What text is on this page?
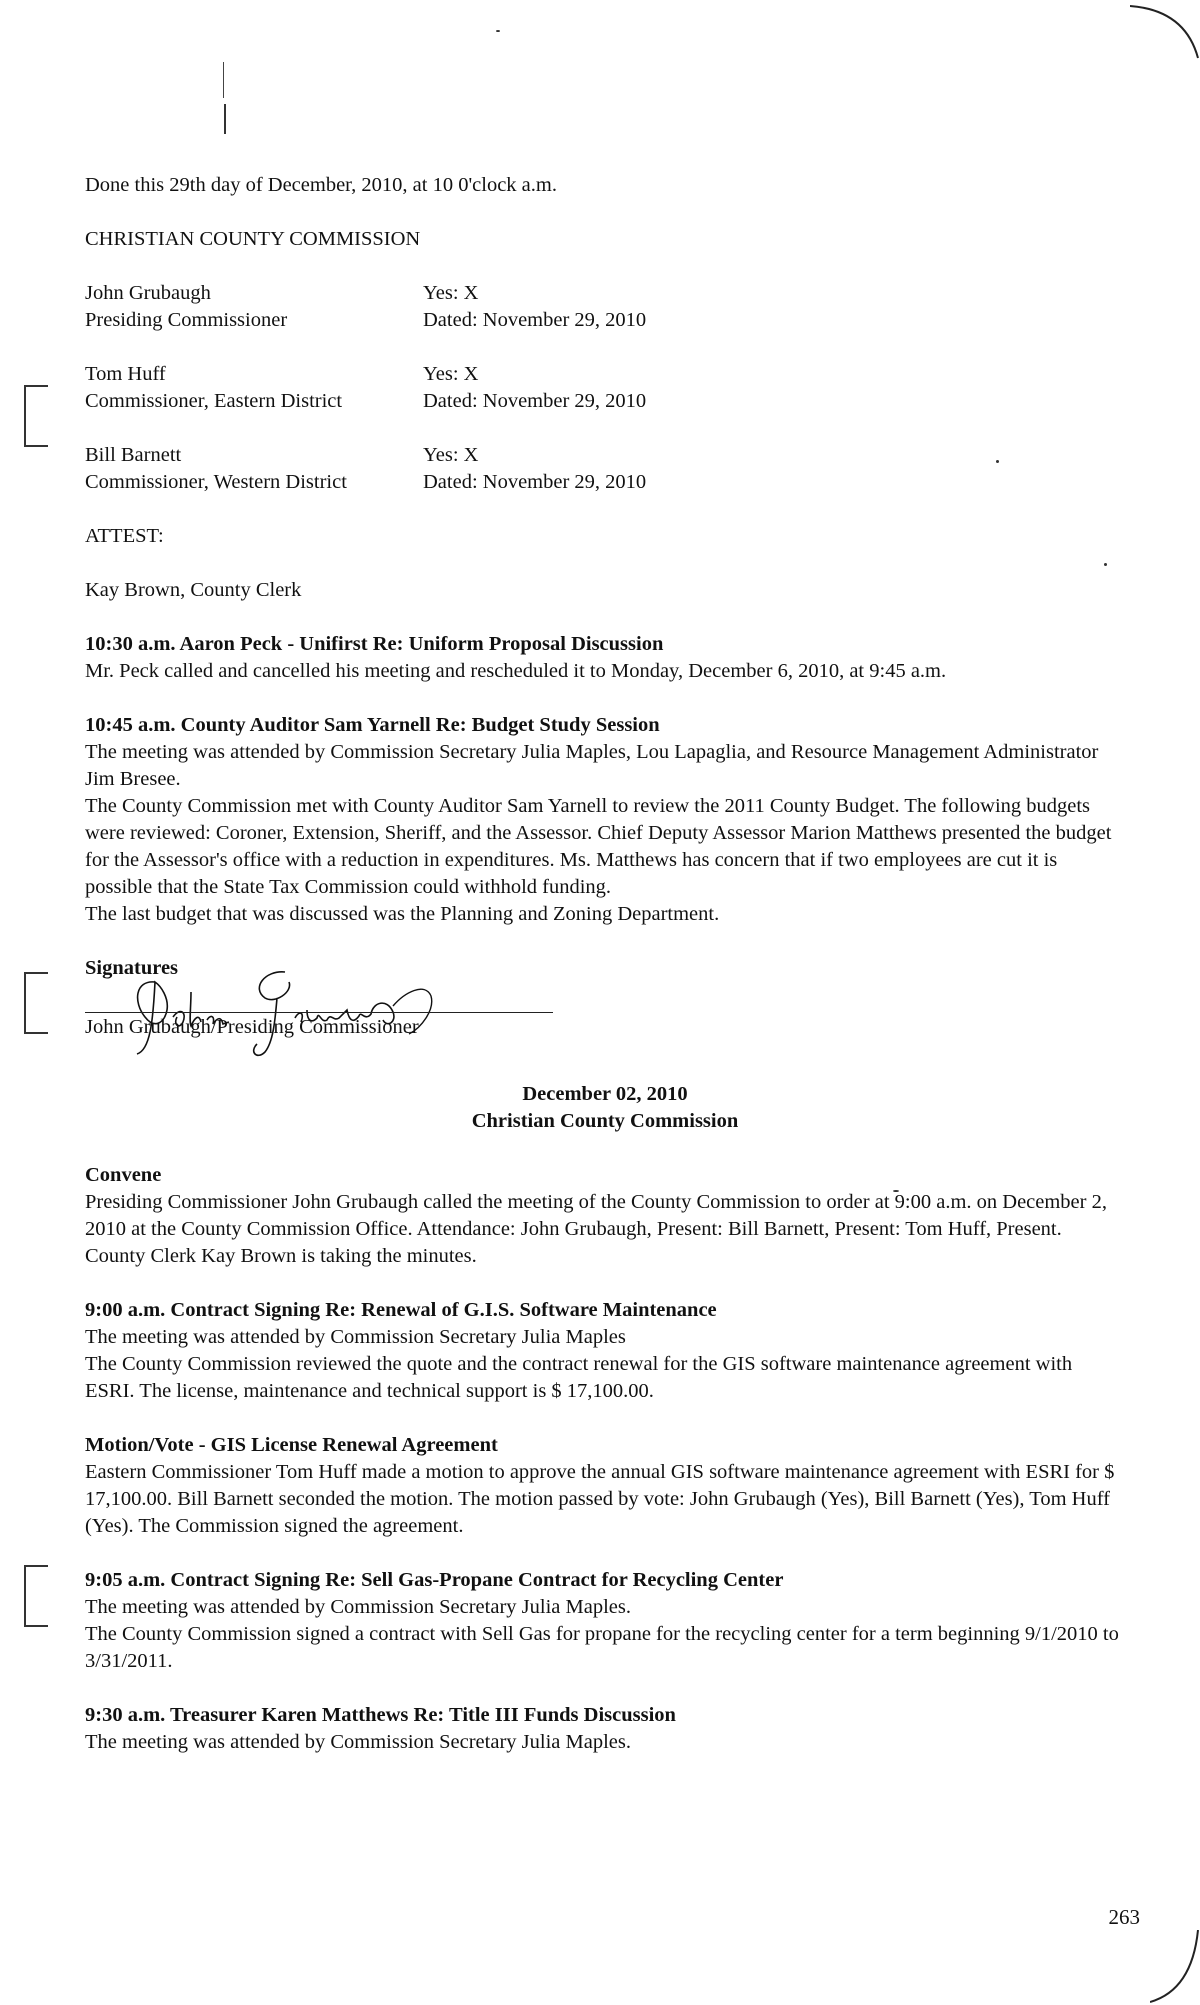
Done this 29th day of December, 2010, at 10 0'clock a.m.

CHRISTIAN COUNTY COMMISSION

John Grubaugh	Yes: X
Presiding Commissioner	Dated: November 29, 2010
Tom Huff	Yes: X
Commissioner, Eastern District	Dated: November 29, 2010
Bill Barnett	Yes: X
Commissioner, Western District	Dated: November 29, 2010

ATTEST:

Kay Brown, County Clerk

10:30 a.m. Aaron Peck - Unifirst Re: Uniform Proposal Discussion

Mr. Peck called and cancelled his meeting and rescheduled it to Monday, December 6, 2010, at 9:45 a.m.

10:45 a.m. County Auditor Sam Yarnell Re: Budget Study Session

The meeting was attended by Commission Secretary Julia Maples, Lou Lapaglia, and Resource Management Administrator Jim Bresee.

The County Commission met with County Auditor Sam Yarnell to review the 2011 County Budget. The following budgets were reviewed: Coroner, Extension, Sheriff, and the Assessor. Chief Deputy Assessor Marion Matthews presented the budget for the Assessor's office with a reduction in expenditures. Ms. Matthews has concern that if two employees are cut it is possible that the State Tax Commission could withhold funding.

The last budget that was discussed was the Planning and Zoning Department.

Signatures

John Grubaugh/Presiding Commissioner

December 02, 2010

Christian County Commission

Convene

Presiding Commissioner John Grubaugh called the meeting of the County Commission to order at 9:00 a.m. on December 2, 2010 at the County Commission Office. Attendance: John Grubaugh, Present: Bill Barnett, Present: Tom Huff, Present. County Clerk Kay Brown is taking the minutes.

9:00 a.m. Contract Signing Re: Renewal of G.I.S. Software Maintenance

The meeting was attended by Commission Secretary Julia Maples

The County Commission reviewed the quote and the contract renewal for the GIS software maintenance agreement with ESRI. The license, maintenance and technical support is $ 17,100.00.

Motion/Vote - GIS License Renewal Agreement

Eastern Commissioner Tom Huff made a motion to approve the annual GIS software maintenance agreement with ESRI for $ 17,100.00. Bill Barnett seconded the motion. The motion passed by vote: John Grubaugh (Yes), Bill Barnett (Yes), Tom Huff (Yes). The Commission signed the agreement.

9:05 a.m. Contract Signing Re: Sell Gas-Propane Contract for Recycling Center

The meeting was attended by Commission Secretary Julia Maples.

The County Commission signed a contract with Sell Gas for propane for the recycling center for a term beginning 9/1/2010 to 3/31/2011.

9:30 a.m. Treasurer Karen Matthews Re: Title III Funds Discussion

The meeting was attended by Commission Secretary Julia Maples.

263
